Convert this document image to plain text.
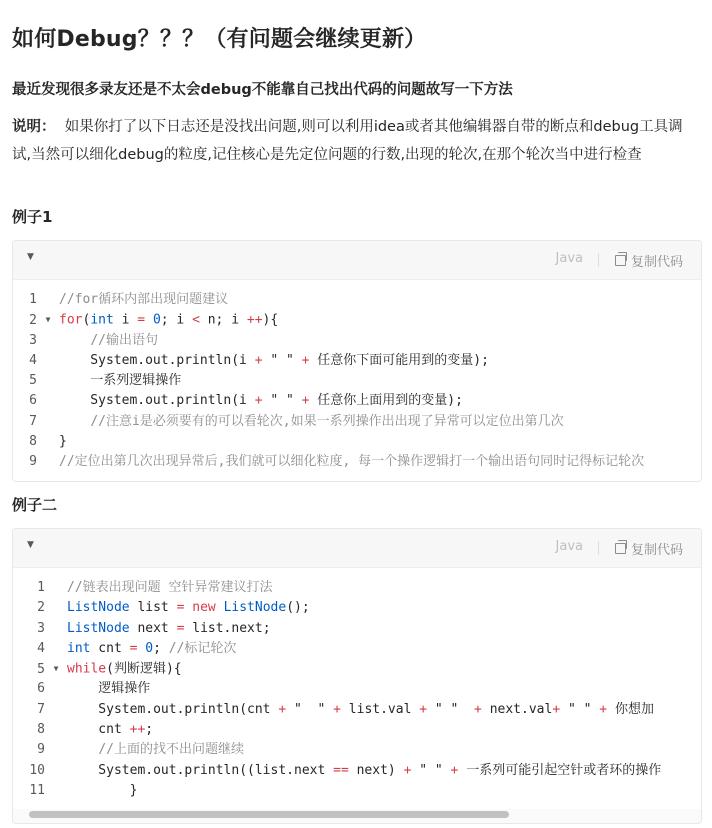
如何Debug？？？（有问题会继续更新）

最近发现很多录友还是不太会debug不能靠自己找出代码的问题故写一下方法

说明： 如果你打了以下日志还是没找出问题,则可以利用idea或者其他编辑器自带的断点和debug工具调试,当然可以细化debug的粒度,记住核心是先定位问题的行数,出现的轮次,在那个轮次当中进行检查

例子1
▼	Java	复制代码
1 //for循环内部出现问题建议
2 ▼ for(int i = 0; i < n; i ++){
3	//输出语句
4    System.out.println(i + " " + 任意你下面可能用到的变量);
5    一系列逻辑操作
6    System.out.println(i + " " + 任意你上面用到的变量);
7	//注意i是必须要有的可以看轮次,如果一系列操作出出现了异常可以定位出第几次
8 }
9 //定位出第几次出现异常后,我们就可以细化粒度, 每一个操作逻辑打一个输出语句同时记得标记轮次
例子二
▼	Java	复制代码
1 //链表出现问题 空针异常建议打法
2 ListNode list = new ListNode();
3 ListNode next = list.next;
4 int cnt = 0; //标记轮次
5 ▼ while(判断逻辑){
6    逻辑操作
7    System.out.println(cnt + "  " + list.val + " "  + next.val+ " " + 你想加
8    cnt ++;
9	//上面的找不出问题继续
10    System.out.println((list.next == next) + " " + 一系列可能引起空针或者环的操作
11        }
